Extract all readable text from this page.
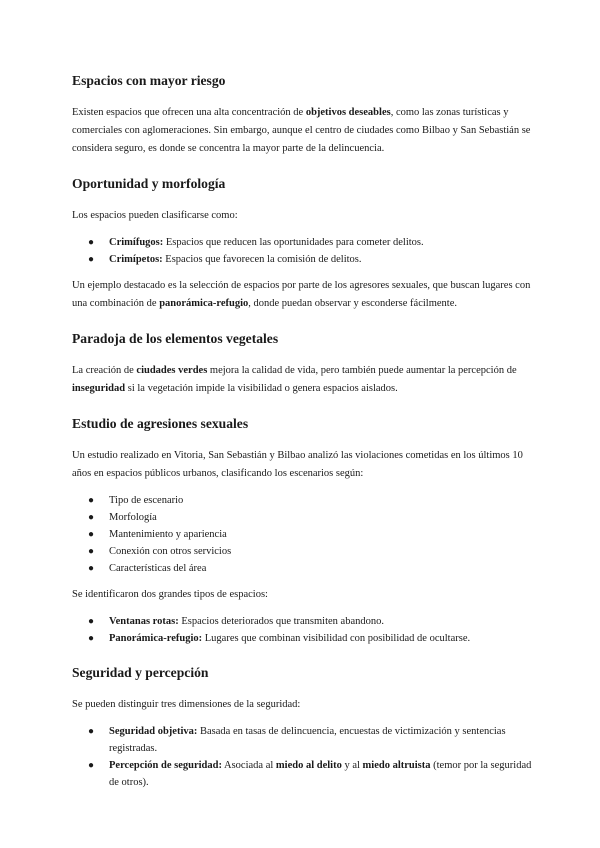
Espacios con mayor riesgo

Existen espacios que ofrecen una alta concentración de objetivos deseables, como las zonas turísticas y comerciales con aglomeraciones. Sin embargo, aunque el centro de ciudades como Bilbao y San Sebastián se considera seguro, es donde se concentra la mayor parte de la delincuencia.

Oportunidad y morfología

Los espacios pueden clasificarse como:

● Crimífugos: Espacios que reducen las oportunidades para cometer delitos.
● Crimípetos: Espacios que favorecen la comisión de delitos.

Un ejemplo destacado es la selección de espacios por parte de los agresores sexuales, que buscan lugares con una combinación de panorámica-refugio, donde puedan observar y esconderse fácilmente.

Paradoja de los elementos vegetales

La creación de ciudades verdes mejora la calidad de vida, pero también puede aumentar la percepción de inseguridad si la vegetación impide la visibilidad o genera espacios aislados.

Estudio de agresiones sexuales

Un estudio realizado en Vitoria, San Sebastián y Bilbao analizó las violaciones cometidas en los últimos 10 años en espacios públicos urbanos, clasificando los escenarios según:

● Tipo de escenario
● Morfología
● Mantenimiento y apariencia
● Conexión con otros servicios
● Características del área

Se identificaron dos grandes tipos de espacios:

● Ventanas rotas: Espacios deteriorados que transmiten abandono.
● Panorámica-refugio: Lugares que combinan visibilidad con posibilidad de ocultarse.
Seguridad y percepción

Se pueden distinguir tres dimensiones de la seguridad:

● Seguridad objetiva: Basada en tasas de delincuencia, encuestas de victimización y sentencias registradas.
● Percepción de seguridad: Asociada al miedo al delito y al miedo altruista (temor por la seguridad de otros).
